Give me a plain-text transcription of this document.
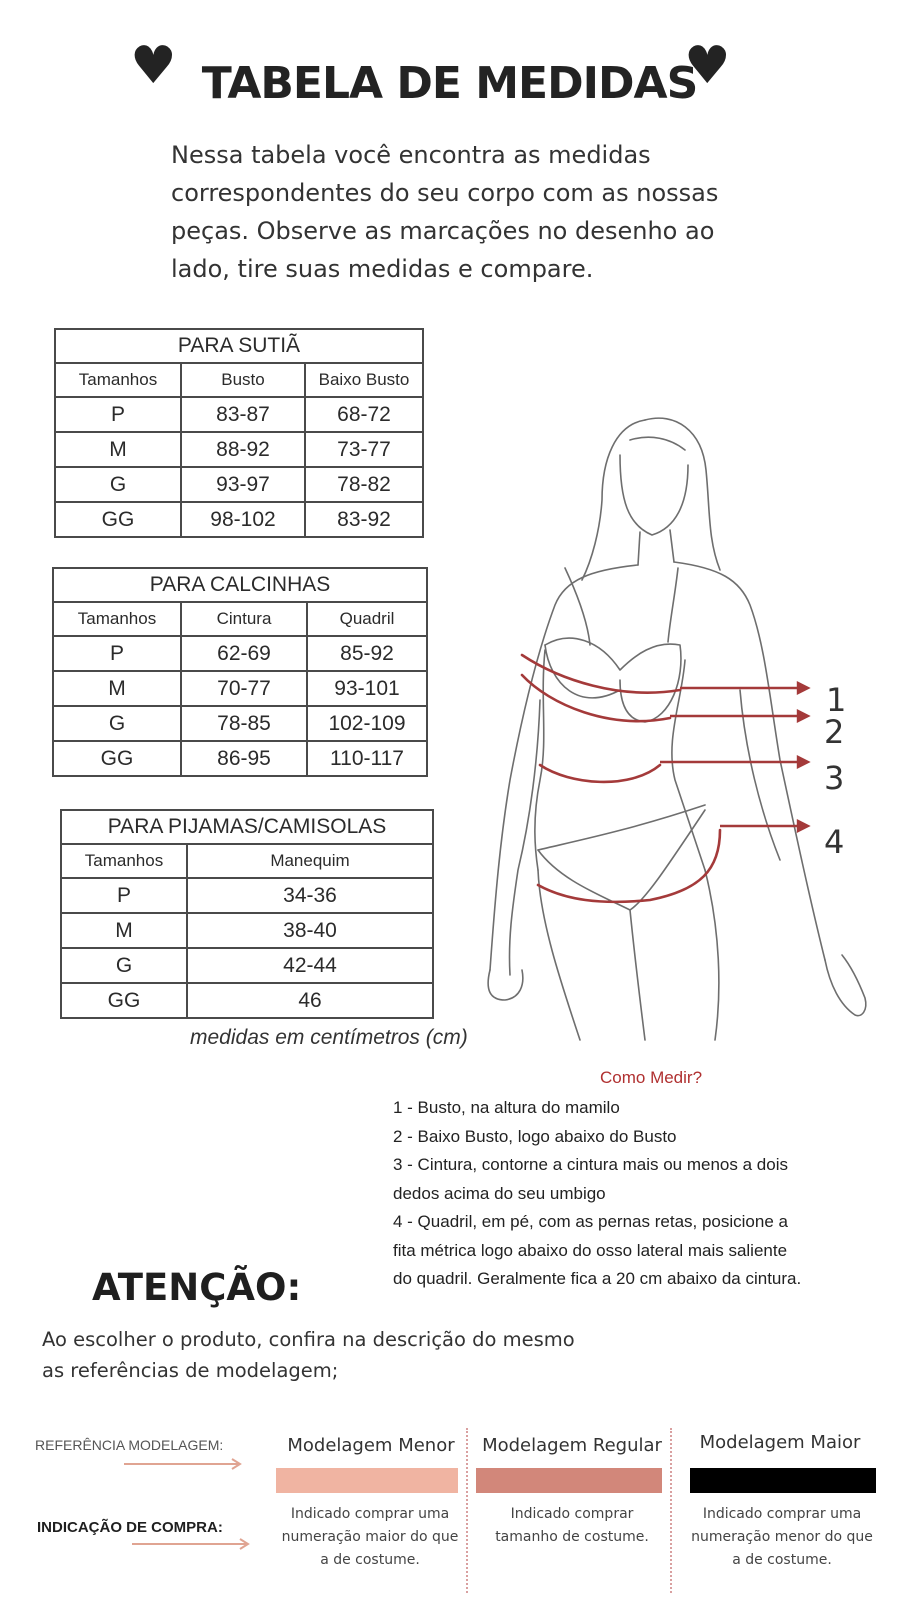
♥	♥
TABELA DE MEDIDAS
Nessa tabela você encontra as medidas
correspondentes do seu corpo com as nossas
peças. Observe as marcações no desenho ao
lado, tire suas medidas e compare.
PARA SUTIÃ		
Tamanhos	Busto	Baixo Busto
P	83-87	68-72
M	88-92	73-77
G	93-97	78-82
GG	98-102	83-92
PARA CALCINHAS		
Tamanhos	Cintura	Quadril
P	62-69	85-92
M	70-77	93-101
G	78-85	102-109
GG	86-95	110-117
PARA PIJAMAS/CAMISOLAS	
Tamanhos	Manequim
P	34-36
M	38-40
G	42-44
GG	46
medidas em centímetros (cm)
1
2
3
4
Como Medir?
1 - Busto, na altura do mamilo
2 - Baixo Busto, logo abaixo do Busto
3 - Cintura, contorne a cintura mais ou menos a dois
dedos acima do seu umbigo
4 - Quadril, em pé, com as pernas retas, posicione a
fita métrica logo abaixo do osso lateral mais saliente
do quadril. Geralmente fica a 20 cm abaixo da cintura.
ATENÇÃO:
Ao escolher o produto, confira na descrição do mesmo
as referências de modelagem;
REFERÊNCIA MODELAGEM:
INDICAÇÃO DE COMPRA:
Modelagem Menor
Indicado comprar uma
numeração maior do que
a de costume.
Modelagem Regular
Indicado comprar
tamanho de costume.
Modelagem Maior
Indicado comprar uma
numeração menor do que
a de costume.
